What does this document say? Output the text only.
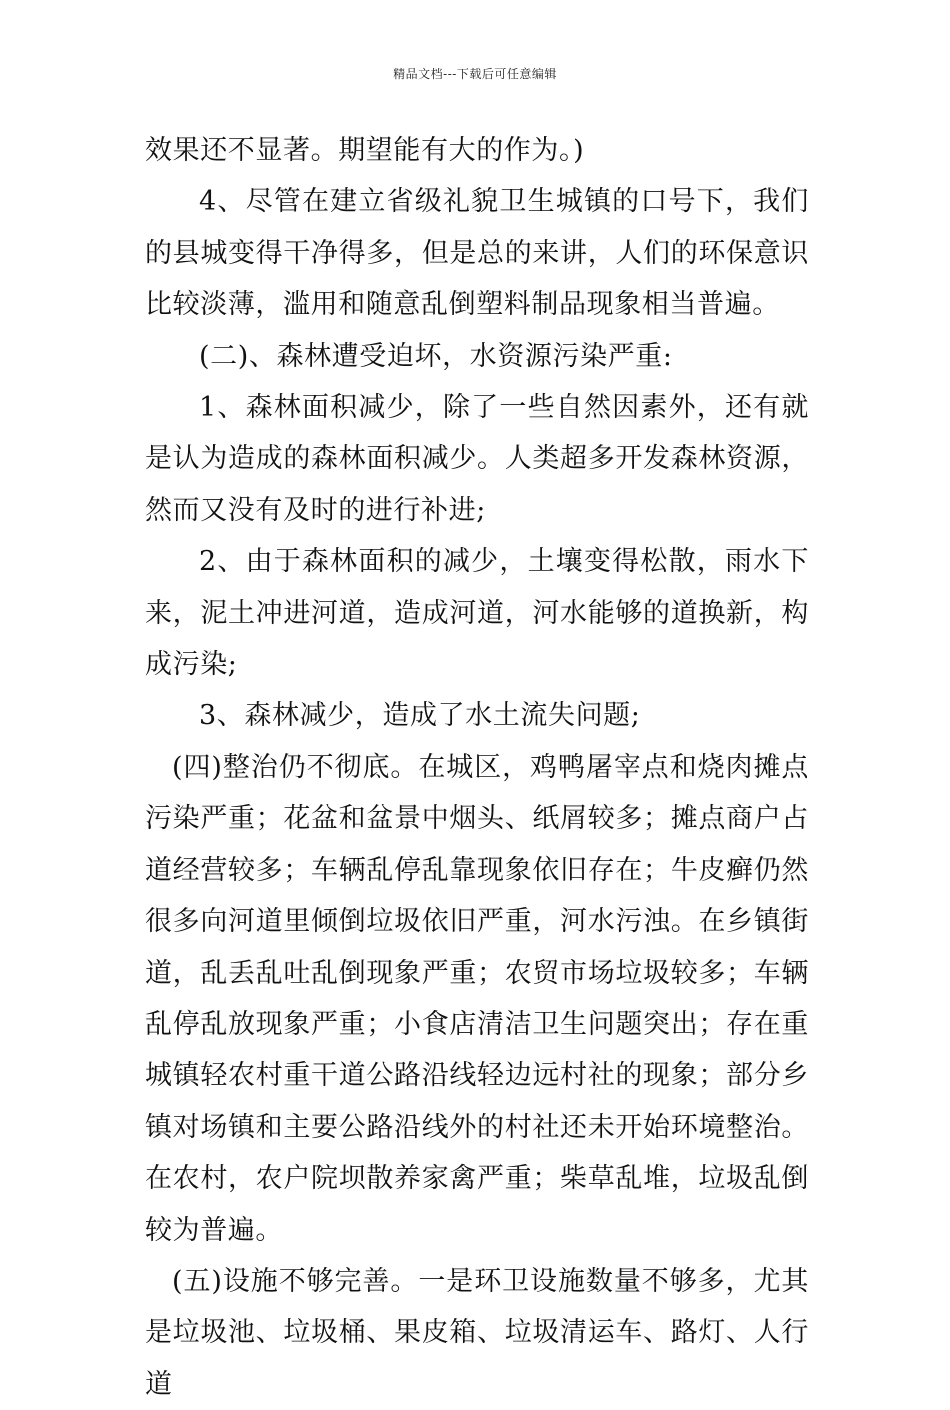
精品文档---下载后可任意编辑

效果还不显著。期望能有大的作为。)

4、尽管在建立省级礼貌卫生城镇的口号下，我们的县城变得干净得多，但是总的来讲，人们的环保意识比较淡薄，滥用和随意乱倒塑料制品现象相当普遍。

(二)、森林遭受迫坏，水资源污染严重:

1、森林面积减少，除了一些自然因素外，还有就是认为造成的森林面积减少。人类超多开发森林资源，然而又没有及时的进行补进;

2、由于森林面积的减少，土壤变得松散，雨水下来，泥土冲进河道，造成河道，河水能够的道换新，构成污染;

3、森林减少，造成了水土流失问题;

(四)整治仍不彻底。在城区，鸡鸭屠宰点和烧肉摊点污染严重；花盆和盆景中烟头、纸屑较多；摊点商户占道经营较多；车辆乱停乱靠现象依旧存在；牛皮癣仍然很多向河道里倾倒垃圾依旧严重，河水污浊。在乡镇街道，乱丢乱吐乱倒现象严重；农贸市场垃圾较多；车辆乱停乱放现象严重；小食店清洁卫生问题突出；存在重城镇轻农村重干道公路沿线轻边远村社的现象；部分乡镇对场镇和主要公路沿线外的村社还未开始环境整治。在农村，农户院坝散养家禽严重；柴草乱堆，垃圾乱倒较为普遍。

(五)设施不够完善。一是环卫设施数量不够多，尤其是垃圾池、垃圾桶、果皮箱、垃圾清运车、路灯、人行道
